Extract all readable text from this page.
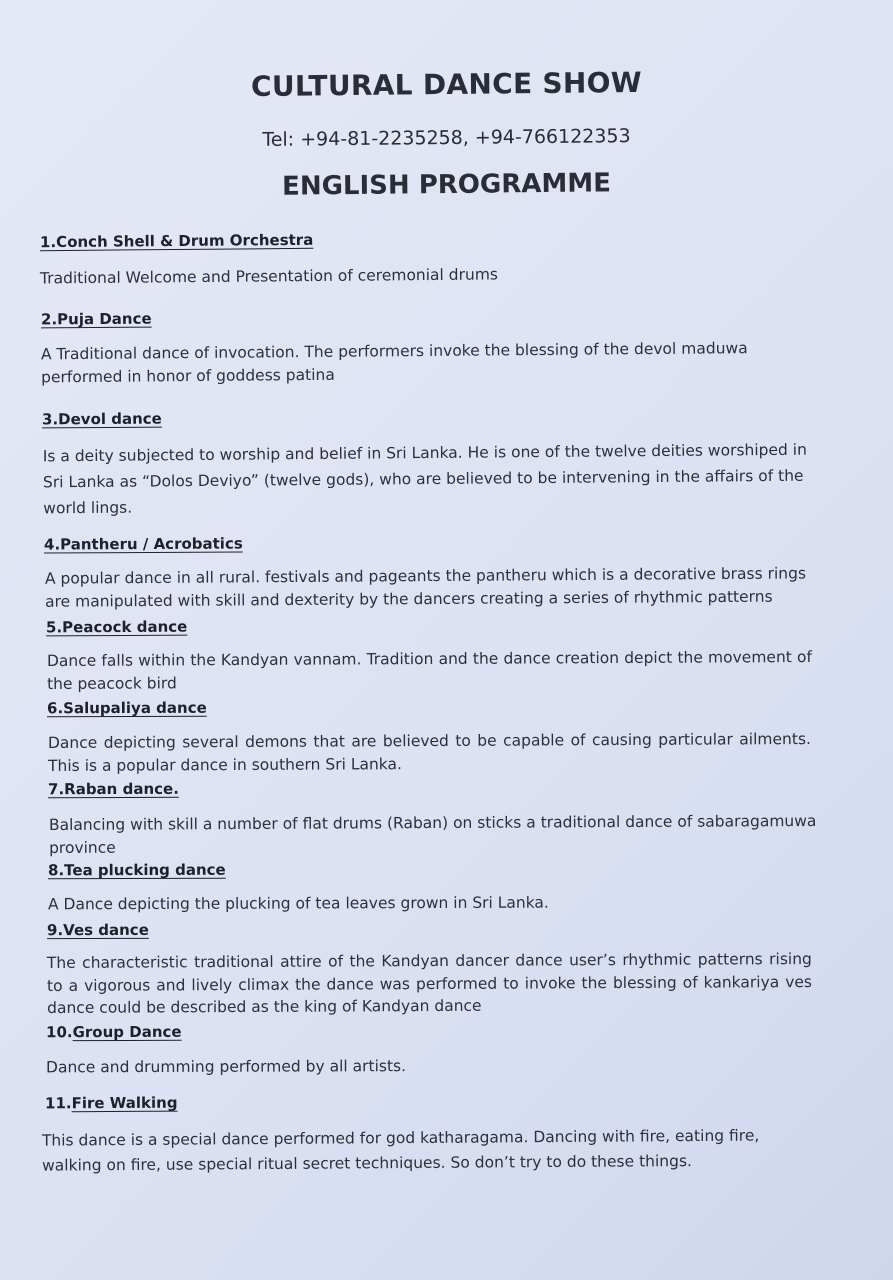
CULTURAL DANCE SHOW
Tel: +94-81-2235258, +94-766122353
ENGLISH PROGRAMME
1.Conch Shell & Drum Orchestra
Traditional Welcome and Presentation of ceremonial drums
2.Puja Dance
A Traditional dance of invocation. The performers invoke the blessing of the devol maduwa performed in honor of goddess patina
3.Devol dance
Is a deity subjected to worship and belief in Sri Lanka. He is one of the twelve deities worshiped in Sri Lanka as “Dolos Deviyo” (twelve gods), who are believed to be intervening in the affairs of the world lings.
4.Pantheru / Acrobatics
A popular dance in all rural. festivals and pageants the pantheru which is a decorative brass rings are manipulated with skill and dexterity by the dancers creating a series of rhythmic patterns
5.Peacock dance
Dance falls within the Kandyan vannam. Tradition and the dance creation depict the movement of the peacock bird
6.Salupaliya dance
Dance depicting several demons that are believed to be capable of causing particular ailments. This is a popular dance in southern Sri Lanka.
7.Raban dance.
Balancing with skill a number of flat drums (Raban) on sticks a traditional dance of sabaragamuwa province
8.Tea plucking dance
A Dance depicting the plucking of tea leaves grown in Sri Lanka.
9.Ves dance
The characteristic traditional attire of the Kandyan dancer dance user’s rhythmic patterns rising to a vigorous and lively climax the dance was performed to invoke the blessing of kankariya ves dance could be described as the king of Kandyan dance
10.Group Dance
Dance and drumming performed by all artists.
11.Fire Walking
This dance is a special dance performed for god katharagama. Dancing with fire, eating fire, walking on fire, use special ritual secret techniques. So don’t try to do these things.
